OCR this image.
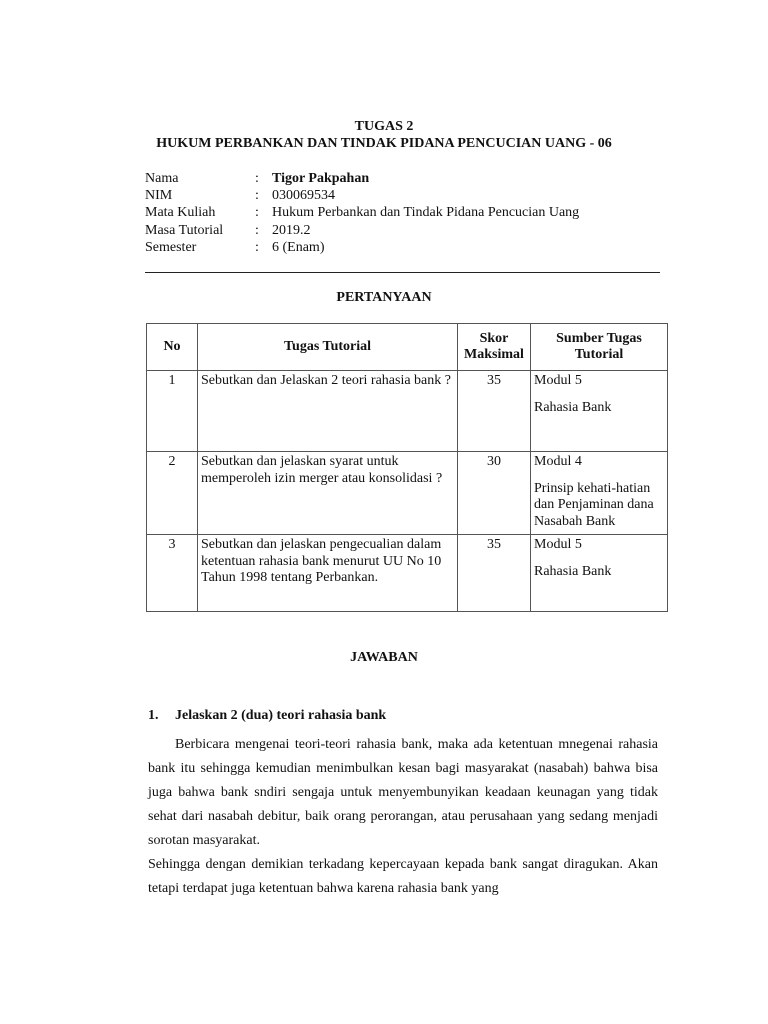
TUGAS 2
HUKUM PERBANKAN DAN TINDAK PIDANA PENCUCIAN UANG - 06
Nama	: Tigor Pakpahan
NIM	: 030069534
Mata Kuliah	: Hukum Perbankan dan Tindak Pidana Pencucian Uang
Masa Tutorial	: 2019.2
Semester	: 6 (Enam)
PERTANYAAN
No	Tugas Tutorial	Skor Maksimal	Sumber Tugas Tutorial
1	Sebutkan dan Jelaskan 2 teori rahasia bank ?	35	Modul 5
Rahasia Bank

2	Sebutkan dan jelaskan syarat untuk memperoleh izin merger atau konsolidasi ?	30	Modul 4
Prinsip kehati-hatian dan Penjaminan dana Nasabah Bank

3	Sebutkan dan jelaskan pengecualian dalam ketentuan rahasia bank menurut UU No 10 Tahun 1998 tentang Perbankan.	35	Modul 5
Rahasia Bank
JAWABAN
1. Jelaskan 2 (dua) teori rahasia bank
Berbicara mengenai teori-teori rahasia bank, maka ada ketentuan mnegenai rahasia bank itu sehingga kemudian menimbulkan kesan bagi masyarakat (nasabah) bahwa bisa juga bahwa bank sndiri sengaja untuk menyembunyikan keadaan keunagan yang tidak sehat dari nasabah debitur, baik orang perorangan, atau perusahaan yang sedang menjadi sorotan masyarakat.
Sehingga dengan demikian terkadang kepercayaan kepada bank sangat diragukan. Akan tetapi terdapat juga ketentuan bahwa karena rahasia bank yang
